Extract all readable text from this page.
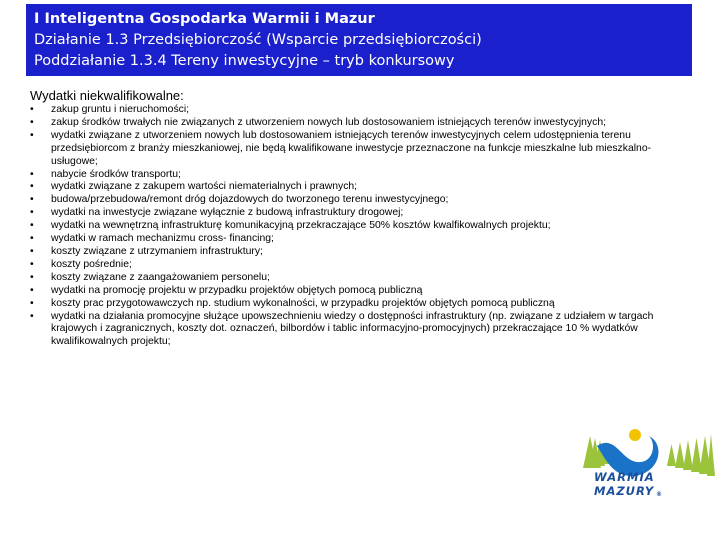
I Inteligentna Gospodarka Warmii i Mazur
Działanie 1.3 Przedsiębiorczość (Wsparcie przedsiębiorczości)
Poddziałanie 1.3.4 Tereny inwestycyjne – tryb konkursowy
Wydatki niekwalifikowalne:
• zakup gruntu i nieruchomości;
• zakup środków trwałych nie związanych z utworzeniem nowych lub dostosowaniem istniejących terenów inwestycyjnych;
• wydatki związane z utworzeniem nowych lub dostosowaniem istniejących terenów inwestycyjnych celem udostępnienia terenu przedsiębiorcom z branży mieszkaniowej, nie będą kwalifikowane inwestycje przeznaczone na funkcje mieszkalne lub mieszkalno-usługowe;
• nabycie środków transportu;
• wydatki związane z zakupem wartości niematerialnych i prawnych;
• budowa/przebudowa/remont dróg dojazdowych do tworzonego terenu inwestycyjnego;
• wydatki na inwestycje związane wyłącznie z budową infrastruktury drogowej;
• wydatki na wewnętrzną infrastrukturę komunikacyjną przekraczające 50% kosztów kwalfikowalnych projektu;
• wydatki w ramach mechanizmu cross- financing;
• koszty związane z utrzymaniem infrastruktury;
• koszty pośrednie;
• koszty związane z zaangażowaniem personelu;
• wydatki na promocję projektu w przypadku projektów objętych pomocą publiczną
• koszty prac przygotowawczych np. studium wykonalności, w przypadku projektów objętych pomocą publiczną
• wydatki na działania promocyjne służące upowszechnieniu wiedzy o dostępności infrastruktury (np. związane z udziałem w targach krajowych i zagranicznych, koszty dot. oznaczeń, bilbordów i tablic informacyjno-promocyjnych) przekraczające 10 % wydatków kwalifikowalnych projektu;
WARMIA
MAZURY ®
